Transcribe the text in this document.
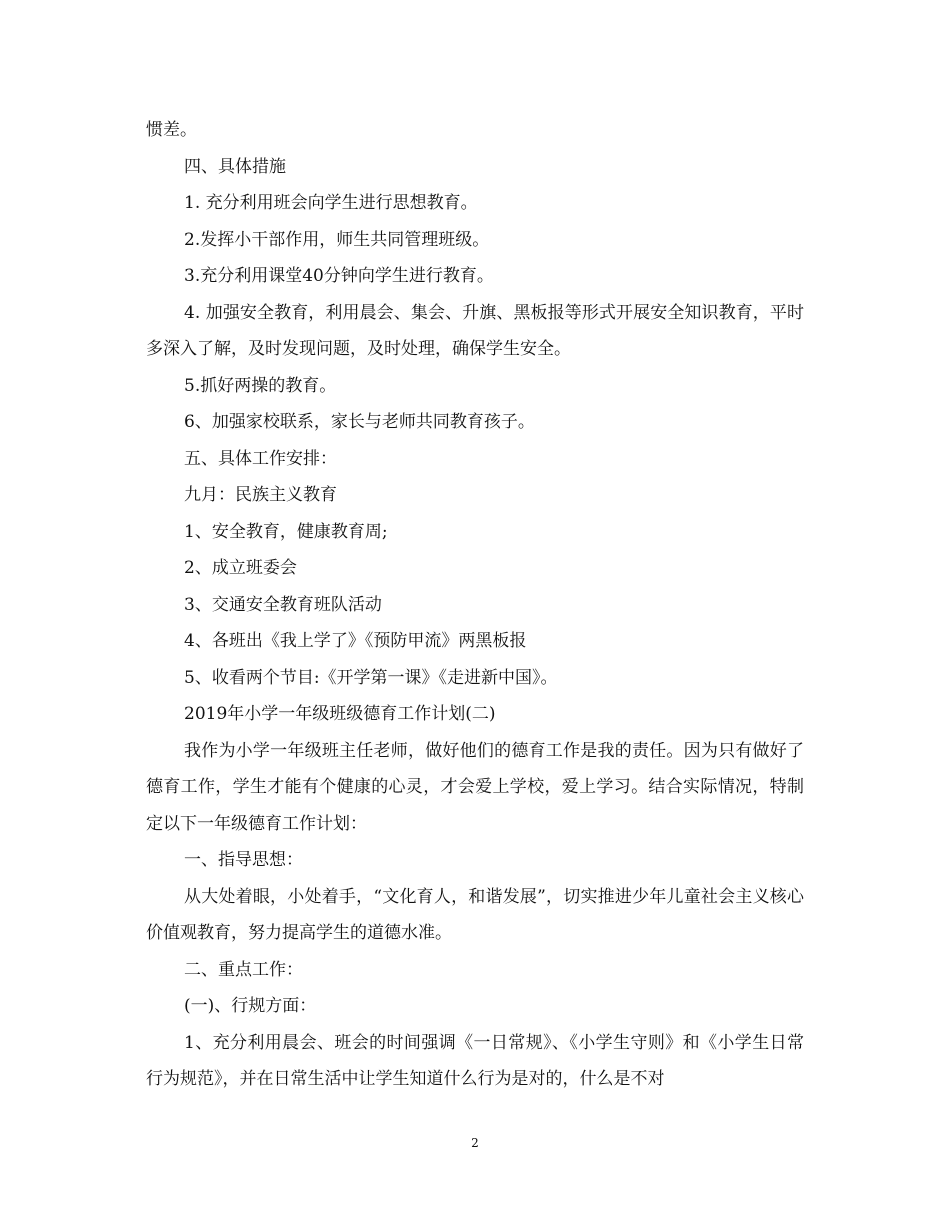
惯差。

四、具体措施

1. 充分利用班会向学生进行思想教育。

2.发挥小干部作用，师生共同管理班级。

3.充分利用课堂40分钟向学生进行教育。

4. 加强安全教育，利用晨会、集会、升旗、黑板报等形式开展安全知识教育，平时多深入了解，及时发现问题，及时处理，确保学生安全。

5.抓好两操的教育。

6、加强家校联系，家长与老师共同教育孩子。

五、具体工作安排：

九月：民族主义教育

1、安全教育，健康教育周;

2、成立班委会

3、交通安全教育班队活动

4、各班出《我上学了》《预防甲流》两黑板报

5、收看两个节目:《开学第一课》《走进新中国》。

2019年小学一年级班级德育工作计划(二)

我作为小学一年级班主任老师，做好他们的德育工作是我的责任。因为只有做好了德育工作，学生才能有个健康的心灵，才会爱上学校，爱上学习。结合实际情况，特制定以下一年级德育工作计划：

一、指导思想：

从大处着眼，小处着手，“文化育人，和谐发展”，切实推进少年儿童社会主义核心价值观教育，努力提高学生的道德水准。

二、重点工作：

(一)、行规方面：

1、充分利用晨会、班会的时间强调《一日常规》、《小学生守则》和《小学生日常行为规范》，并在日常生活中让学生知道什么行为是对的，什么是不对

2
